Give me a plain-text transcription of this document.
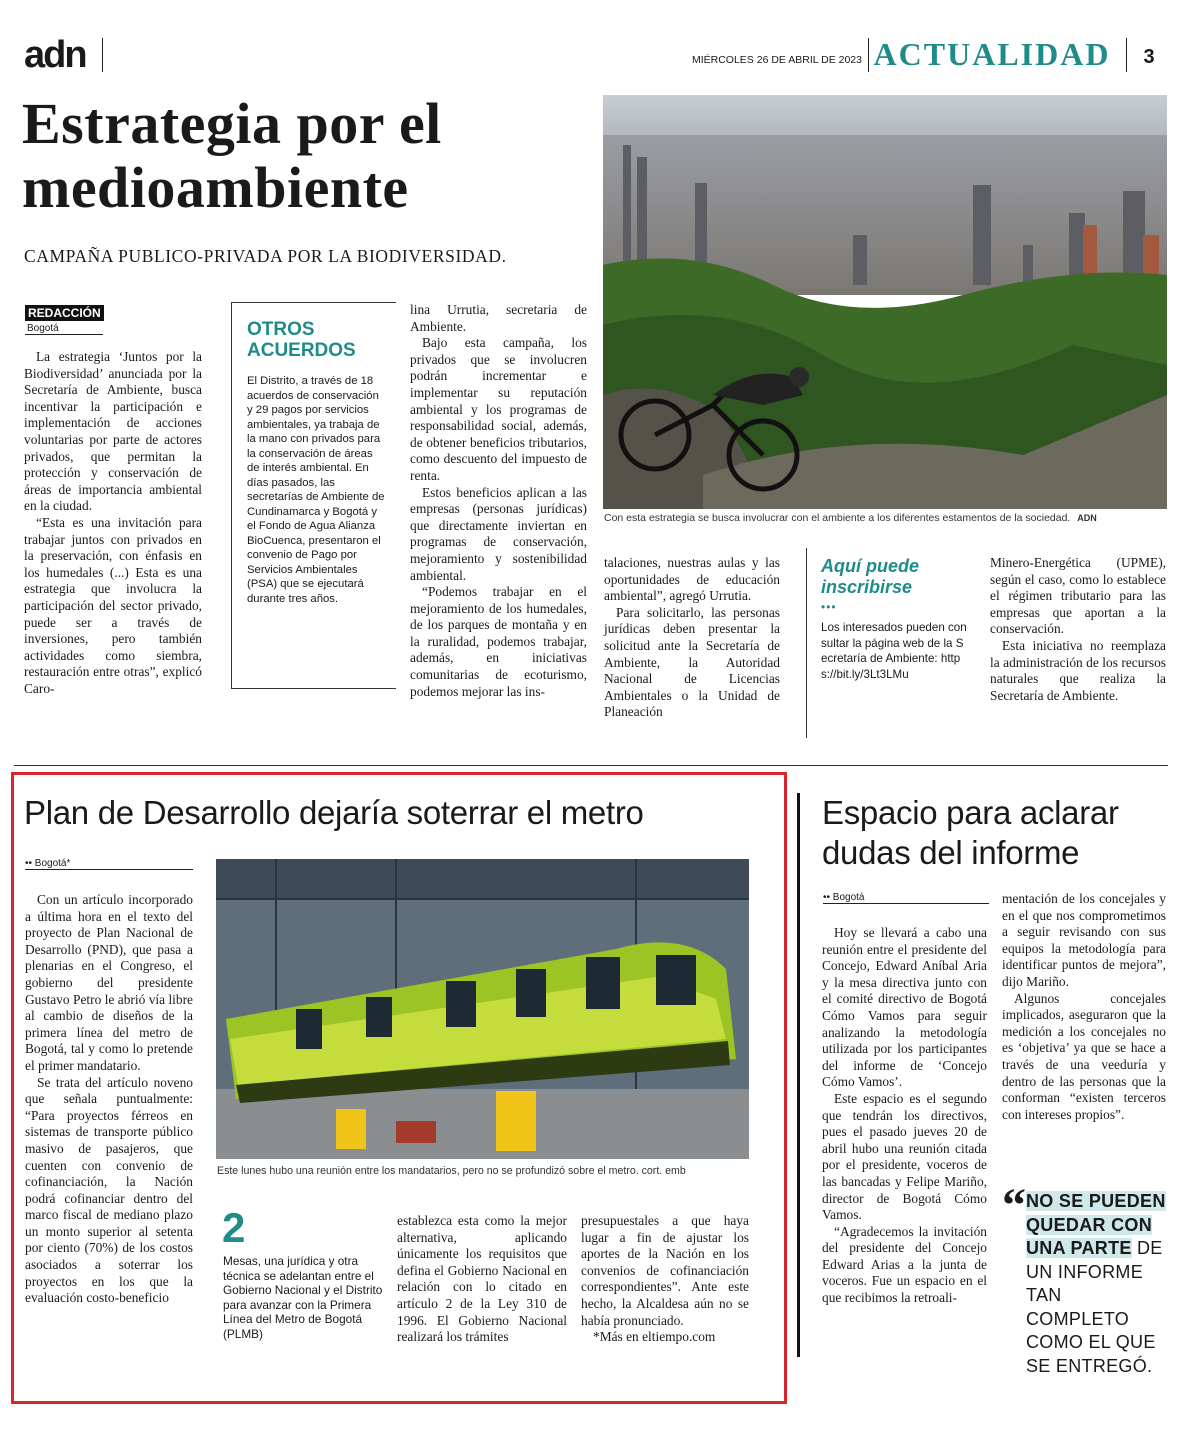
adn	MIÉRCOLES 26 DE ABRIL DE 2023 ACTUALIDAD	3
Estrategia por el medioambiente
CAMPAÑA PUBLICO-PRIVADA POR LA BIODIVERSIDAD.
Con esta estrategia se busca involucrar con el ambiente a los diferentes estamentos de la sociedad. ADN
REDACCIÓN
Bogotá

La estrategia ‘Juntos por la Biodiversidad’ anunciada por la Secretaría de Ambiente, busca incentivar la participación e implementación de acciones voluntarias por parte de actores privados, que permitan la protección y conservación de áreas de importancia ambiental en la ciudad.

“Esta es una invitación para trabajar juntos con privados en la preservación, con énfasis en los humedales (...) Esta es una estrategia que involucra la participación del sector privado, puede ser a través de inversiones, pero también actividades como siembra, restauración entre otras”, explicó Caro-

OTROS ACUERDOS
El Distrito, a través de 18 acuerdos de conservación y 29 pagos por servicios ambientales, ya trabaja de la mano con privados para la conservación de áreas de interés ambiental. En días pasados, las secretarías de Ambiente de Cundinamarca y Bogotá y el Fondo de Agua Alianza BioCuenca, presentaron el convenio de Pago por Servicios Ambientales (PSA) que se ejecutará durante tres años.

lina Urrutia, secretaria de Ambiente.

Bajo esta campaña, los privados que se involucren podrán incrementar e implementar su reputación ambiental y los programas de responsabilidad social, además, de obtener beneficios tributarios, como descuento del impuesto de renta.

Estos beneficios aplican a las empresas (personas jurídicas) que directamente inviertan en programas de conservación, mejoramiento y sostenibilidad ambiental.

“Podemos trabajar en el mejoramiento de los humedales, de los parques de montaña y en la ruralidad, podemos trabajar, además, en iniciativas comunitarias de ecoturismo, podemos mejorar las ins-

talaciones, nuestras aulas y las oportunidades de educación ambiental”, agregó Urrutia.

Para solicitarlo, las personas jurídicas deben presentar la solicitud ante la Secretaría de Ambiente, la Autoridad Nacional de Licencias Ambientales o la Unidad de Planeación

Aquí puede inscribirse
•••
Los interesados pueden consultar la página web de la Secretaría de Ambiente: https://bit.ly/3Lt3LMu

Minero-Energética (UPME), según el caso, como lo establece el régimen tributario para las empresas que aportan a la conservación.

Esta iniciativa no reemplaza la administración de los recursos naturales que realiza la Secretaría de Ambiente.

Plan de Desarrollo dejaría soterrar el metro
•• Bogotá*

Con un artículo incorporado a última hora en el texto del proyecto de Plan Nacional de Desarrollo (PND), que pasa a plenarias en el Congreso, el gobierno del presidente Gustavo Petro le abrió vía libre al cambio de diseños de la primera línea del metro de Bogotá, tal y como lo pretende el primer mandatario.

Se trata del artículo noveno que señala puntualmente: “Para proyectos férreos en sistemas de transporte público masivo de pasajeros, que cuenten con convenio de cofinanciación, la Nación podrá cofinanciar dentro del marco fiscal de mediano plazo un monto superior al setenta por ciento (70%) de los costos asociados a soterrar los proyectos en los que la evaluación costo-beneficio

Este lunes hubo una reunión entre los mandatarios, pero no se profundizó sobre el metro. cort. emb
2
Mesas, una jurídica y otra técnica se adelantan entre el Gobierno Nacional y el Distrito para avanzar con la Primera Línea del Metro de Bogotá (PLMB)

establezca esta como la mejor alternativa, aplicando únicamente los requisitos que defina el Gobierno Nacional en relación con lo citado en artículo 2 de la Ley 310 de 1996. El Gobierno Nacional realizará los trámites

presupuestales a que haya lugar a fin de ajustar los aportes de la Nación en los convenios de cofinanciación correspondientes”. Ante este hecho, la Alcaldesa aún no se había pronunciado.

*Más en eltiempo.com

Espacio para aclarar dudas del informe
•• Bogotá

Hoy se llevará a cabo una reunión entre el presidente del Concejo, Edward Aníbal Aria y la mesa directiva junto con el comité directivo de Bogotá Cómo Vamos para seguir analizando la metodología utilizada por los participantes del informe de ‘Concejo Cómo Vamos’.

Este espacio es el segundo que tendrán los directivos, pues el pasado jueves 20 de abril hubo una reunión citada por el presidente, voceros de las bancadas y Felipe Mariño, director de Bogotá Cómo Vamos.

“Agradecemos la invitación del presidente del Concejo Edward Arias a la junta de voceros. Fue un espacio en el que recibimos la retroali-

mentación de los concejales y en el que nos comprometimos a seguir revisando con sus equipos la metodología para identificar puntos de mejora”, dijo Mariño.

Algunos concejales implicados, aseguraron que la medición a los concejales no es ‘objetiva’ ya que se hace a través de una veeduría y dentro de las personas que la conforman “existen terceros con intereses propios”.

“ NO SE PUEDEN QUEDAR CON UNA PARTE DE UN INFORME TAN COMPLETO COMO EL QUE SE ENTREGÓ.
